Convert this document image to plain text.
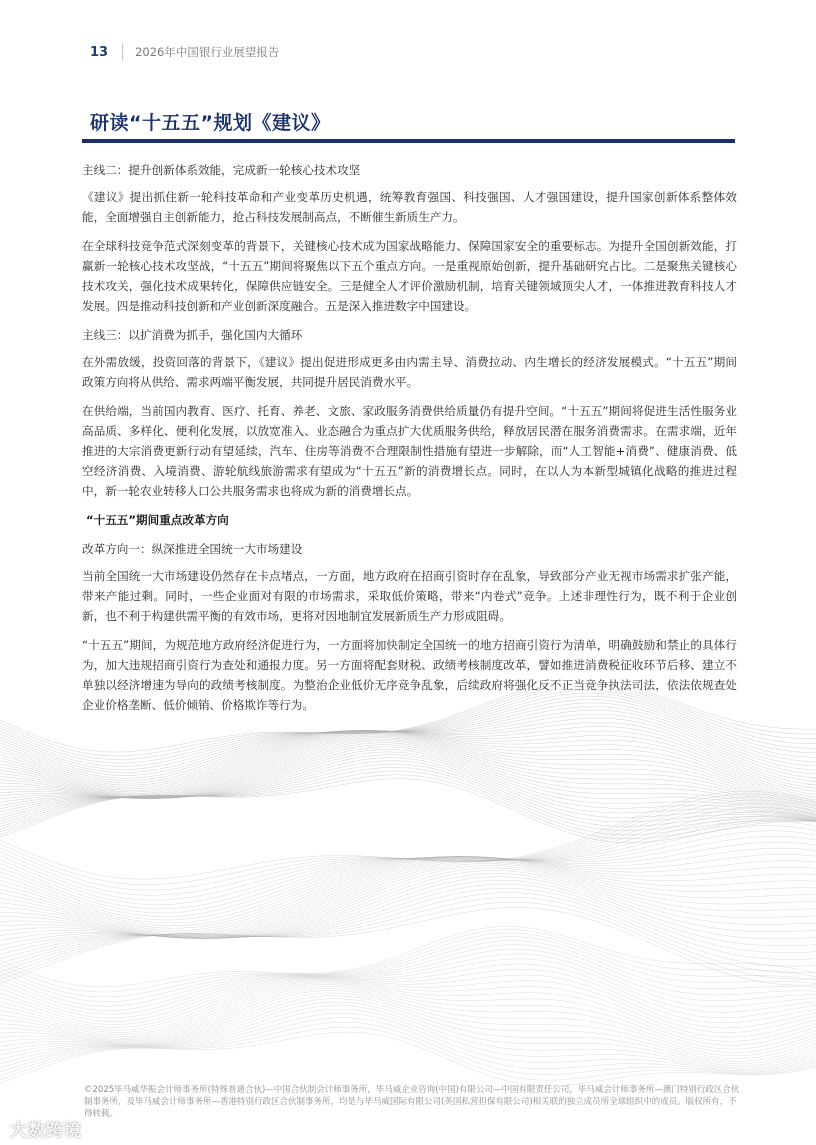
13 2026年中国银行业展望报告
研读“十五五”规划《建议》

主线二：提升创新体系效能，完成新一轮核心技术攻坚

《建议》提出抓住新一轮科技革命和产业变革历史机遇，统筹教育强国、科技强国、人才强国建设，提升国家创新体系整体效能，全面增强自主创新能力，抢占科技发展制高点，不断催生新质生产力。

在全球科技竞争范式深刻变革的背景下，关键核心技术成为国家战略能力、保障国家安全的重要标志。为提升全国创新效能，打赢新一轮核心技术攻坚战，“十五五”期间将聚焦以下五个重点方向。一是重视原始创新，提升基础研究占比。二是聚焦关键核心技术攻关，强化技术成果转化，保障供应链安全。三是健全人才评价激励机制，培育关键领域顶尖人才，一体推进教育科技人才发展。四是推动科技创新和产业创新深度融合。五是深入推进数字中国建设。

主线三：以扩消费为抓手，强化国内大循环

在外需放缓，投资回落的背景下，《建议》提出促进形成更多由内需主导、消费拉动、内生增长的经济发展模式。“十五五”期间政策方向将从供给、需求两端平衡发展，共同提升居民消费水平。

在供给端，当前国内教育、医疗、托育、养老、文旅、家政服务消费供给质量仍有提升空间。“十五五”期间将促进生活性服务业高品质、多样化、便利化发展，以放宽准入、业态融合为重点扩大优质服务供给，释放居民潜在服务消费需求。在需求端，近年推进的大宗消费更新行动有望延续，汽车、住房等消费不合理限制性措施有望进一步解除，而“人工智能+消费”、健康消费、低空经济消费、入境消费、游轮航线旅游需求有望成为“十五五”新的消费增长点。同时，在以人为本新型城镇化战略的推进过程中，新一轮农业转移人口公共服务需求也将成为新的消费增长点。

“十五五”期间重点改革方向

改革方向一：纵深推进全国统一大市场建设

当前全国统一大市场建设仍然存在卡点堵点，一方面，地方政府在招商引资时存在乱象，导致部分产业无视市场需求扩张产能，带来产能过剩。同时，一些企业面对有限的市场需求，采取低价策略，带来“内卷式”竞争。上述非理性行为，既不利于企业创新，也不利于构建供需平衡的有效市场，更将对因地制宜发展新质生产力形成阻碍。

“十五五”期间，为规范地方政府经济促进行为，一方面将加快制定全国统一的地方招商引资行为清单，明确鼓励和禁止的具体行为，加大违规招商引资行为查处和通报力度。另一方面将配套财税、政绩考核制度改革，譬如推进消费税征收环节后移、建立不单独以经济增速为导向的政绩考核制度。为整治企业低价无序竞争乱象，后续政府将强化反不正当竞争执法司法，依法依规查处企业价格垄断、低价倾销、价格欺诈等行为。

©2025毕马威华振会计师事务所(特殊普通合伙)—中国合伙制会计师事务所，毕马威企业咨询(中国)有限公司—中国有限责任公司，毕马威会计师事务所—澳门特别行政区合伙制事务所，及毕马威会计师事务所—香港特别行政区合伙制事务所，均是与毕马威国际有限公司(英国私营担保有限公司)相关联的独立成员所全球组织中的成员。版权所有，不得转载。
大数跨境
